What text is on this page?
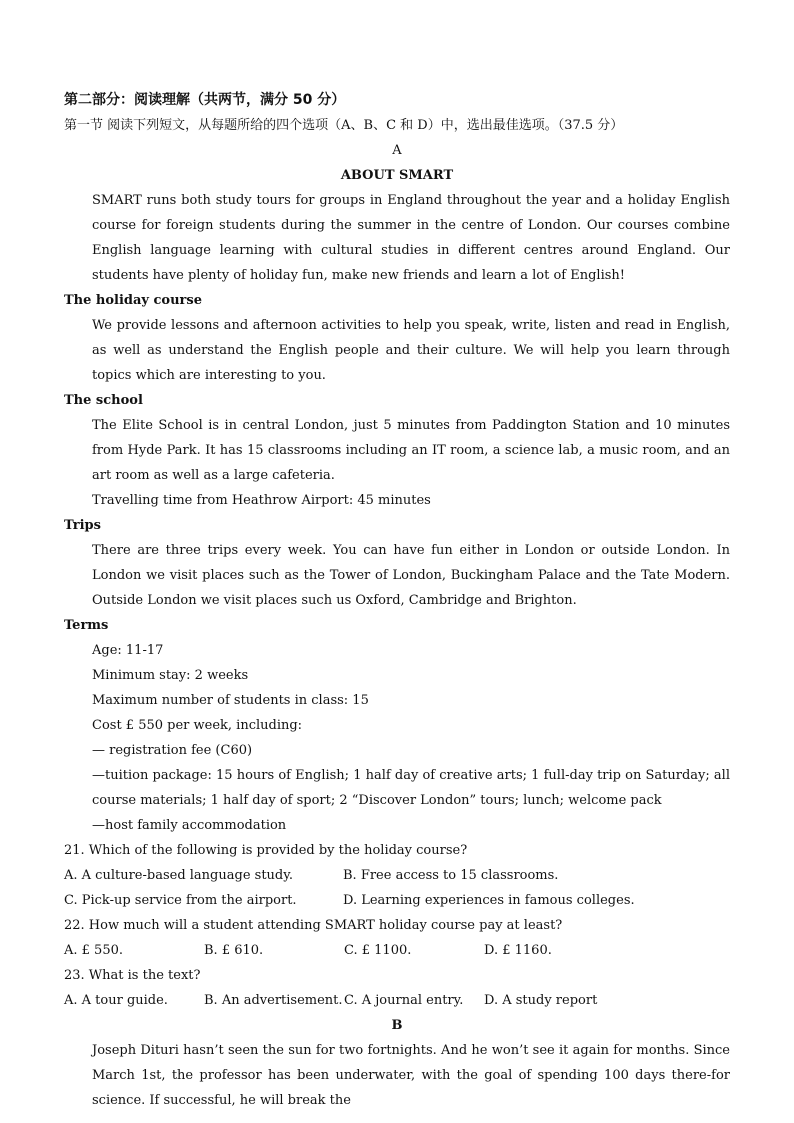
第二部分：阅读理解（共两节，满分 50 分）
第一节 阅读下列短文，从每题所给的四个选项（A、B、C 和 D）中，选出最佳选项。（37.5 分）
A
ABOUT SMART
SMART runs both study tours for groups in England throughout the year and a holiday English course for foreign students during the summer in the centre of London. Our courses combine English language learning with cultural studies in different centres around England. Our students have plenty of holiday fun, make new friends and learn a lot of English!
The holiday course
We provide lessons and afternoon activities to help you speak, write, listen and read in English, as well as understand the English people and their culture. We will help you learn through topics which are interesting to you.
The school
The Elite School is in central London, just 5 minutes from Paddington Station and 10 minutes from Hyde Park. It has 15 classrooms including an IT room, a science lab, a music room, and an art room as well as a large cafeteria.
Travelling time from Heathrow Airport: 45 minutes
Trips
There are three trips every week. You can have fun either in London or outside London. In London we visit places such as the Tower of London, Buckingham Palace and the Tate Modern. Outside London we visit places such us Oxford, Cambridge and Brighton.
Terms
Age: 11-17
Minimum stay: 2 weeks
Maximum number of students in class: 15
Cost £ 550 per week, including:
— registration fee (C60)
—tuition package: 15 hours of English; 1 half day of creative arts; 1 full-day trip on Saturday; all course materials; 1 half day of sport; 2 “Discover London” tours; lunch; welcome pack
—host family accommodation
21. Which of the following is provided by the holiday course?
A. A culture-based language study.	B. Free access to 15 classrooms.
C. Pick-up service from the airport.	D. Learning experiences in famous colleges.
22. How much will a student attending SMART holiday course pay at least?
A. £ 550.	B. £ 610.	C. £ 1100.	D. £ 1160.
23. What is the text?
A. A tour guide.	B. An advertisement. C. A journal entry.	D. A study report
B
Joseph Dituri hasn’t seen the sun for two fortnights. And he won’t see it again for months. Since March 1st, the professor has been underwater, with the goal of spending 100 days there-for science. If successful, he will break the
